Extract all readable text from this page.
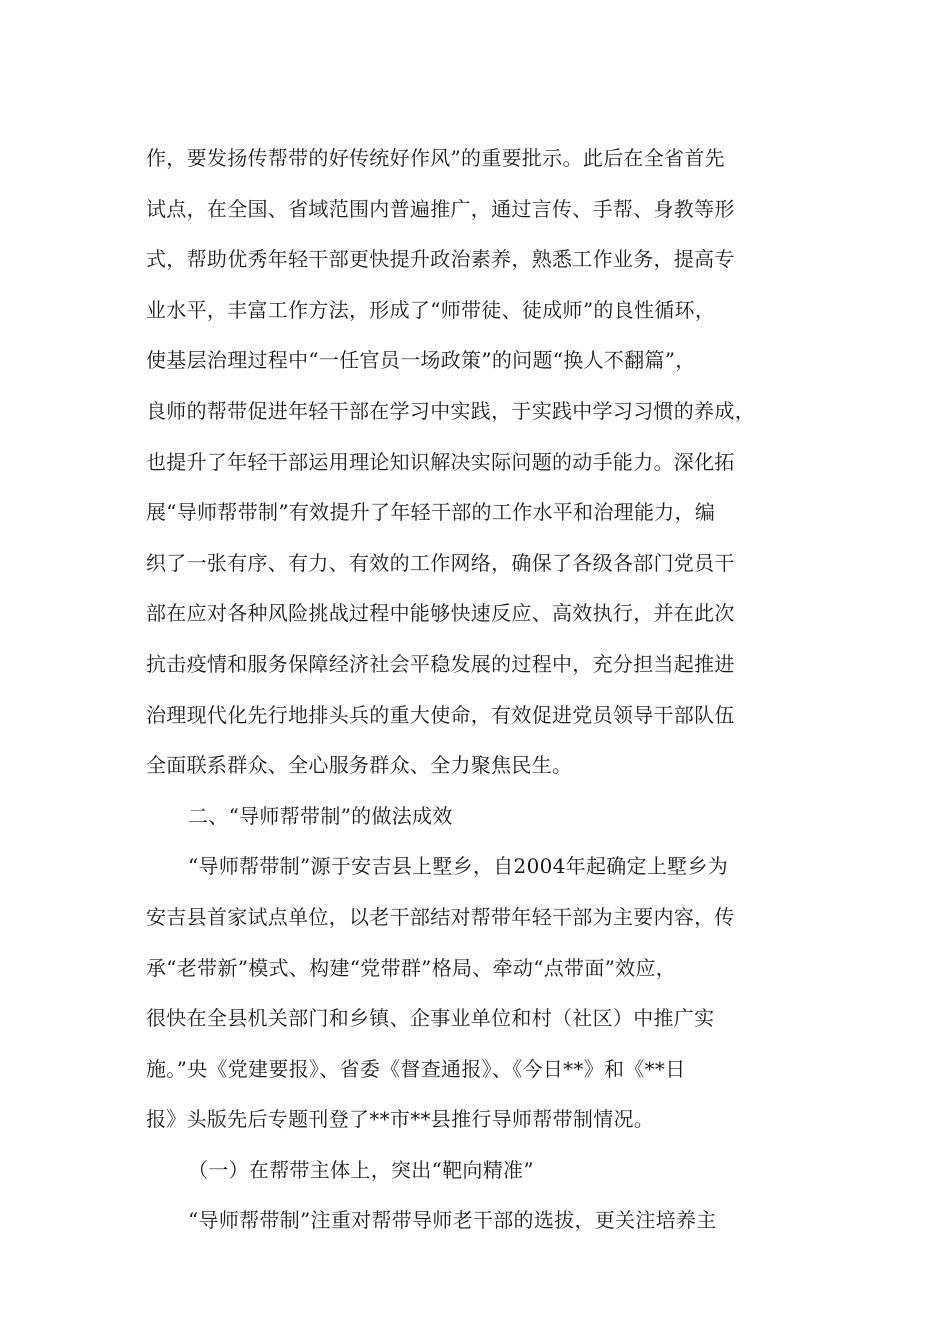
作，要发扬传帮带的好传统好作风”的重要批示。此后在全省首先
试点，在全国、省域范围内普遍推广，通过言传、手帮、身教等形
式，帮助优秀年轻干部更快提升政治素养，熟悉工作业务，提高专
业水平，丰富工作方法，形成了“师带徒、徒成师”的良性循环，
使基层治理过程中“一任官员一场政策”的问题“换人不翻篇”，
良师的帮带促进年轻干部在学习中实践，于实践中学习习惯的养成，
也提升了年轻干部运用理论知识解决实际问题的动手能力。深化拓
展“导师帮带制”有效提升了年轻干部的工作水平和治理能力，编
织了一张有序、有力、有效的工作网络，确保了各级各部门党员干
部在应对各种风险挑战过程中能够快速反应、高效执行，并在此次
抗击疫情和服务保障经济社会平稳发展的过程中，充分担当起推进
治理现代化先行地排头兵的重大使命，有效促进党员领导干部队伍
全面联系群众、全心服务群众、全力聚焦民生。
二、“导师帮带制”的做法成效
“导师帮带制”源于安吉县上墅乡，自2004年起确定上墅乡为
安吉县首家试点单位，以老干部结对帮带年轻干部为主要内容，传
承“老带新”模式、构建“党带群”格局、牵动“点带面”效应，
很快在全县机关部门和乡镇、企事业单位和村（社区）中推广实
施。”央《党建要报》、省委《督查通报》、《今日**》和《**日
报》头版先后专题刊登了**市**县推行导师帮带制情况。
（一）在帮带主体上，突出“靶向精准”
“导师帮带制”注重对帮带导师老干部的选拔，更关注培养主
